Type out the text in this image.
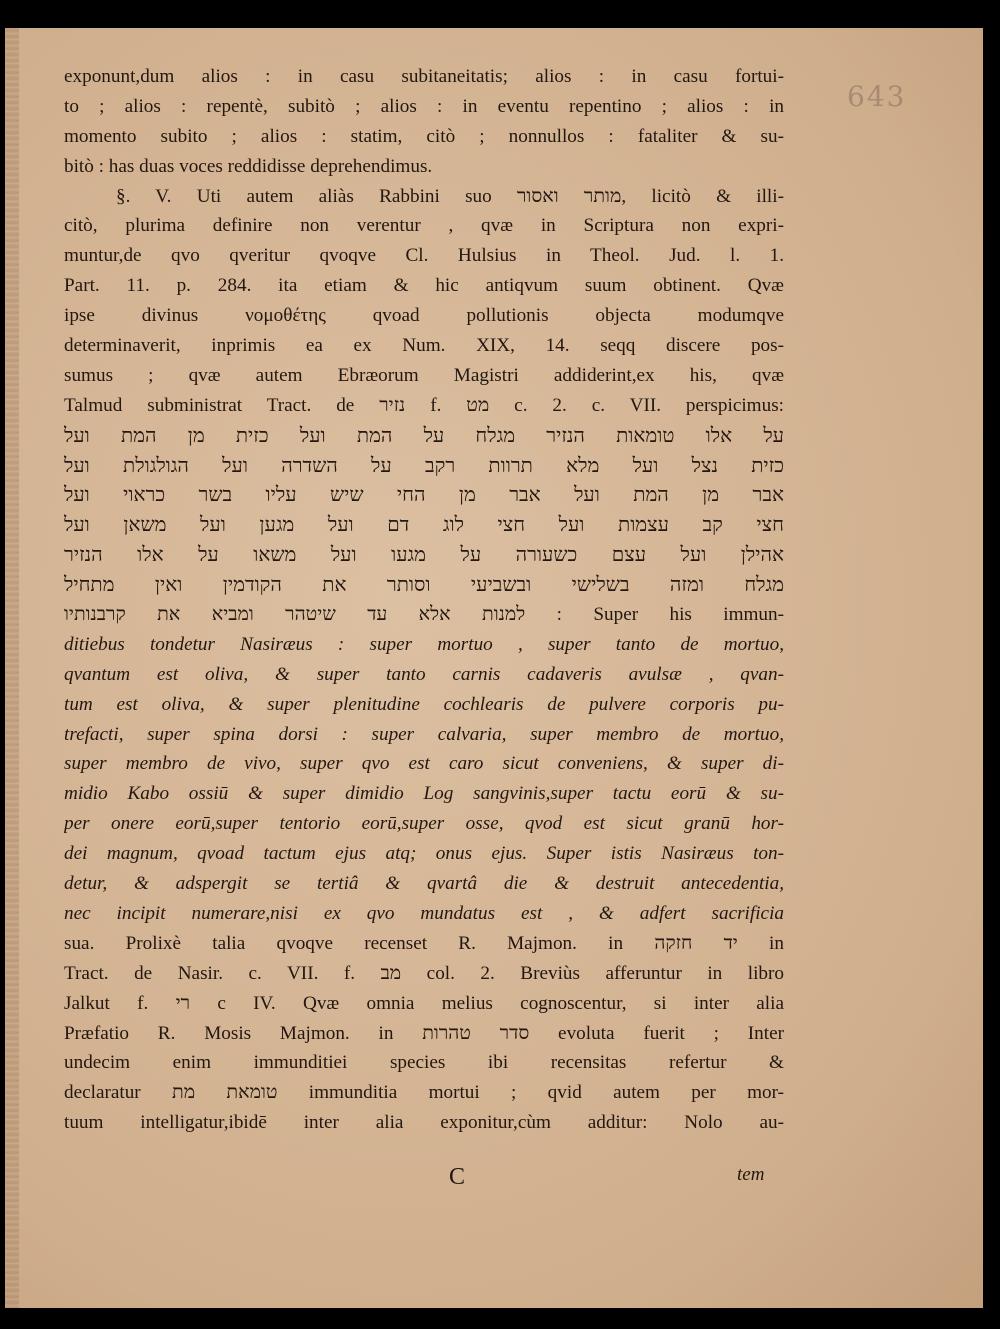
643
exponunt,dum alios : in casu subitaneitatis; alios : in casu fortui-
to ; alios : repentè, subitò ; alios : in eventu repentino ; alios : in
momento subito ; alios : statim, citò ; nonnullos : fataliter & su-
bitò : has duas voces reddidisse deprehendimus.
§. V. Uti autem aliàs Rabbini suo מותר ואסור, licitò & illi-
citò, plurima definire non verentur , qvæ in Scriptura non expri-
muntur,de qvo qveritur qvoqve Cl. Hulsius in Theol. Jud. l. 1.
Part. 11. p. 284. ita etiam & hic antiqvum suum obtinent. Qvæ
ipse divinus νομοθέτης qvoad pollutionis objecta modumqve
determinaverit, inprimis ea ex Num. XIX, 14. seqq discere pos-
sumus ; qvæ autem Ebræorum Magistri addiderint,ex his, qvæ
Talmud subministrat Tract. de נזיר f. מט c. 2. c. VII. perspicimus:
על אלו טומאות הנזיר מגלח על המת ועל כזית מן המת ועל
כזית נצל ועל מלא תרוות רקב על השדרה ועל הגולגולת ועל
אבר מן המת ועל אבר מן החי שיש עליו בשר כראוי ועל
חצי קב עצמות ועל חצי לוג דם ועל מגען ועל משאן ועל
אהילן ועל עצם כשעורה על מגעו ועל משאו על אלו הנזיר
מגלח ומזה בשלישי ובשביעי וסותר את הקודמין ואין מתחיל
למנות אלא עד שיטהר ומביא את קרבנותיו : Super his immun-
ditiebus tondetur Nasiræus : super mortuo , super tanto de mortuo,
qvantum est oliva, & super tanto carnis cadaveris avulsæ , qvan-
tum est oliva, & super plenitudine cochlearis de pulvere corporis pu-
trefacti, super spina dorsi : super calvaria, super membro de mortuo,
super membro de vivo, super qvo est caro sicut conveniens, & super di-
midio Kabo ossiū & super dimidio Log sangvinis,super tactu eorū & su-
per onere eorū,super tentorio eorū,super osse, qvod est sicut granū hor-
dei magnum, qvoad tactum ejus atq; onus ejus. Super istis Nasiræus ton-
detur, & adspergit se tertiâ & qvartâ die & destruit antecedentia,
nec incipit numerare,nisi ex qvo mundatus est , & adfert sacrificia
sua. Prolixè talia qvoqve recenset R. Majmon. in יד חזקה in
Tract. de Nasir. c. VII. f. מב col. 2. Breviùs afferuntur in libro
Jalkut f. רי c IV. Qvæ omnia melius cognoscentur, si inter alia
Præfatio R. Mosis Majmon. in סדר טהרות evoluta fuerit ; Inter
undecim enim immunditiei species ibi recensitas refertur &
declaratur טומאת מת immunditia mortui ; qvid autem per mor-
tuum intelligatur,ibidē inter alia exponitur,cùm additur: Nolo au-
C	tem
